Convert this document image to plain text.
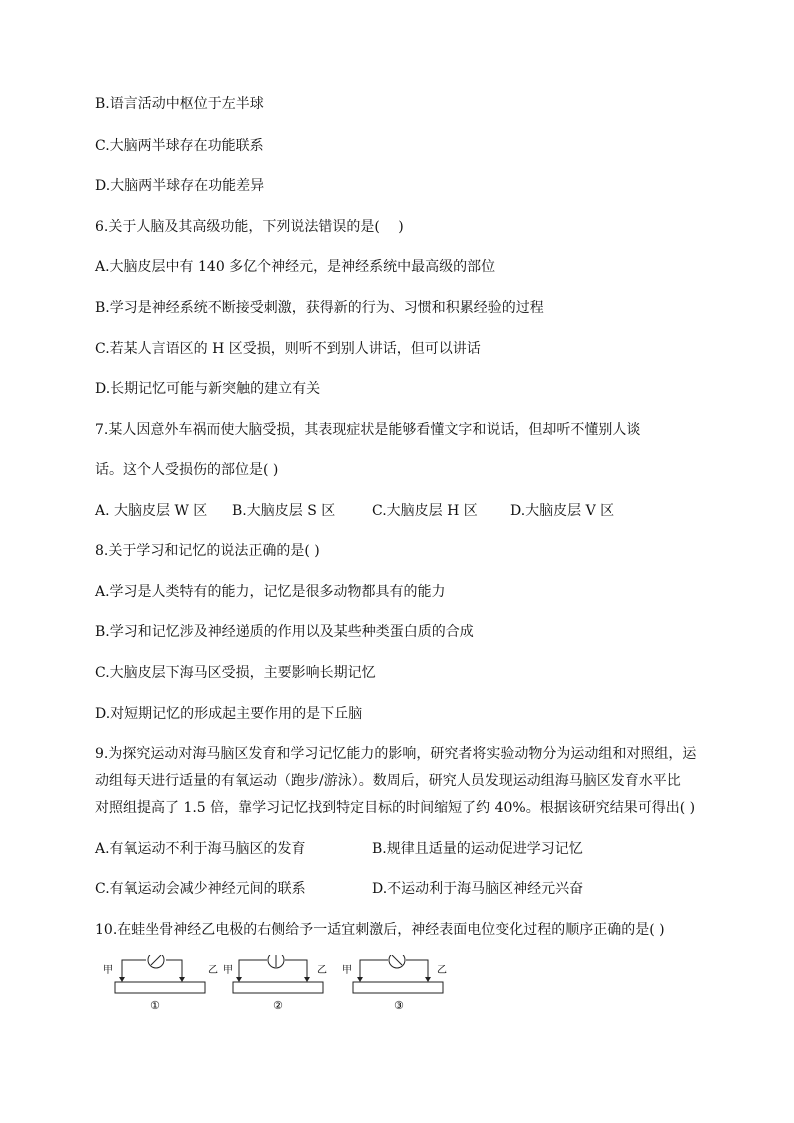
B.语言活动中枢位于左半球
C.大脑两半球存在功能联系
D.大脑两半球存在功能差异
6.关于人脑及其高级功能，下列说法错误的是(　 )
A.大脑皮层中有 140 多亿个神经元，是神经系统中最高级的部位
B.学习是神经系统不断接受刺激，获得新的行为、习惯和积累经验的过程
C.若某人言语区的 H 区受损，则听不到别人讲话，但可以讲话
D.长期记忆可能与新突触的建立有关
7.某人因意外车祸而使大脑受损，其表现症状是能够看懂文字和说话，但却听不懂别人谈
话。这个人受损伤的部位是( )
A. 大脑皮层 W 区 B.大脑皮层 S 区	C.大脑皮层 H 区 D.大脑皮层 V 区
8.关于学习和记忆的说法正确的是( )
A.学习是人类特有的能力，记忆是很多动物都具有的能力
B.学习和记忆涉及神经递质的作用以及某些种类蛋白质的合成
C.大脑皮层下海马区受损，主要影响长期记忆
D.对短期记忆的形成起主要作用的是下丘脑
9.为探究运动对海马脑区发育和学习记忆能力的影响，研究者将实验动物分为运动组和对照组，运
动组每天进行适量的有氧运动（跑步/游泳）。数周后，研究人员发现运动组海马脑区发育水平比
对照组提高了 1.5 倍，靠学习记忆找到特定目标的时间缩短了约 40%。根据该研究结果可得出( )
A.有氧运动不利于海马脑区的发育	B.规律且适量的运动促进学习记忆
C.有氧运动会减少神经元间的联系	D.不运动利于海马脑区神经元兴奋
10.在蛙坐骨神经乙电极的右侧给予一适宜刺激后，神经表面电位变化过程的顺序正确的是( )
甲	乙
①
甲	乙
②
甲	乙
③
